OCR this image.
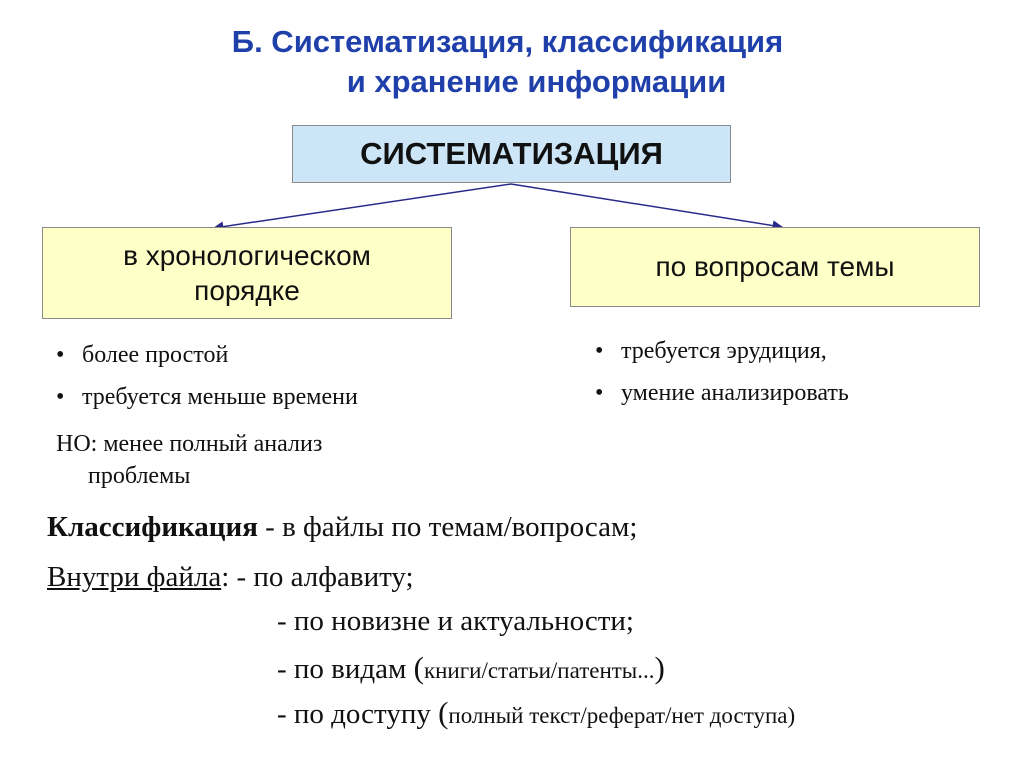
Б. Систематизация, классификация
и хранение информации
СИСТЕМАТИЗАЦИЯ
в хронологическом
порядке
по вопросам темы
• более простой
• требуется меньше времени
НО: менее полный анализ
проблемы
• требуется эрудиция,
• умение анализировать
Классификация - в файлы по темам/вопросам;
Внутри файла: - по алфавиту;
- по новизне и актуальности;
- по видам (книги/статьи/патенты...)
- по доступу (полный текст/реферат/нет доступа)
